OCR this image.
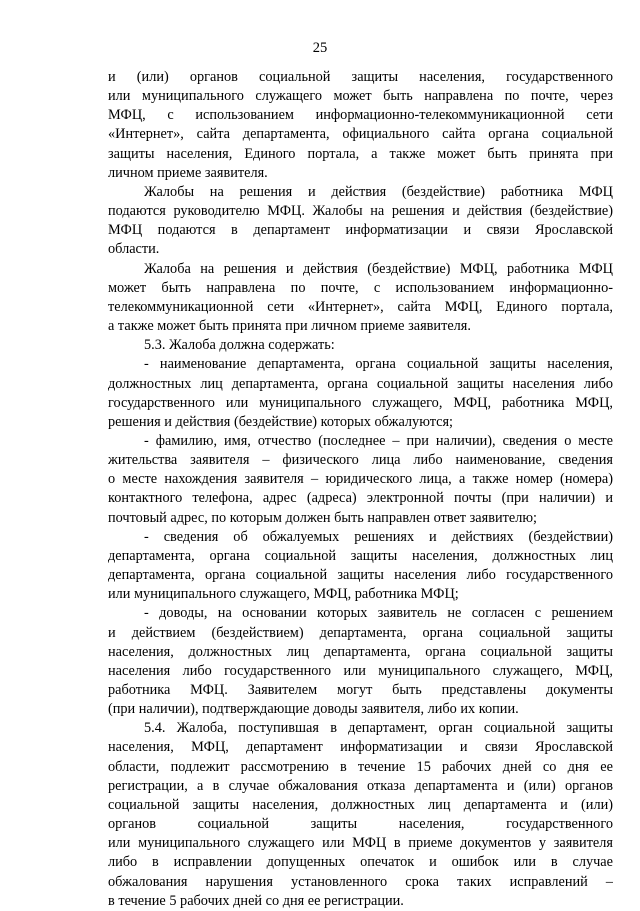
25
и (или) органов социальной защиты населения, государственного
или муниципального служащего может быть направлена по почте, через
МФЦ, с использованием информационно-телекоммуникационной сети
«Интернет», сайта департамента, официального сайта органа социальной
защиты населения, Единого портала, а также может быть принята при
личном приеме заявителя.
Жалобы на решения и действия (бездействие) работника МФЦ
подаются руководителю МФЦ. Жалобы на решения и действия (бездействие)
МФЦ подаются в департамент информатизации и связи Ярославской
области.
Жалоба на решения и действия (бездействие) МФЦ, работника МФЦ
может быть направлена по почте, с использованием информационно-
телекоммуникационной сети «Интернет», сайта МФЦ, Единого портала,
а также может быть принята при личном приеме заявителя.
5.3. Жалоба должна содержать:
- наименование департамента, органа социальной защиты населения,
должностных лиц департамента, органа социальной защиты населения либо
государственного или муниципального служащего, МФЦ, работника МФЦ,
решения и действия (бездействие) которых обжалуются;
- фамилию, имя, отчество (последнее – при наличии), сведения о месте
жительства заявителя – физического лица либо наименование, сведения
о месте нахождения заявителя – юридического лица, а также номер (номера)
контактного телефона, адрес (адреса) электронной почты (при наличии) и
почтовый адрес, по которым должен быть направлен ответ заявителю;
- сведения об обжалуемых решениях и действиях (бездействии)
департамента, органа социальной защиты населения, должностных лиц
департамента, органа социальной защиты населения либо государственного
или муниципального служащего, МФЦ, работника МФЦ;
- доводы, на основании которых заявитель не согласен с решением
и действием (бездействием) департамента, органа социальной защиты
населения, должностных лиц департамента, органа социальной защиты
населения либо государственного или муниципального служащего, МФЦ,
работника МФЦ. Заявителем могут быть представлены документы
(при наличии), подтверждающие доводы заявителя, либо их копии.
5.4. Жалоба, поступившая в департамент, орган социальной защиты
населения, МФЦ, департамент информатизации и связи Ярославской
области, подлежит рассмотрению в течение 15 рабочих дней со дня ее
регистрации, а в случае обжалования отказа департамента и (или) органов
социальной защиты населения, должностных лиц департамента и (или)
органов социальной защиты населения, государственного
или муниципального служащего или МФЦ в приеме документов у заявителя
либо в исправлении допущенных опечаток и ошибок или в случае
обжалования нарушения установленного срока таких исправлений –
в течение 5 рабочих дней со дня ее регистрации.
